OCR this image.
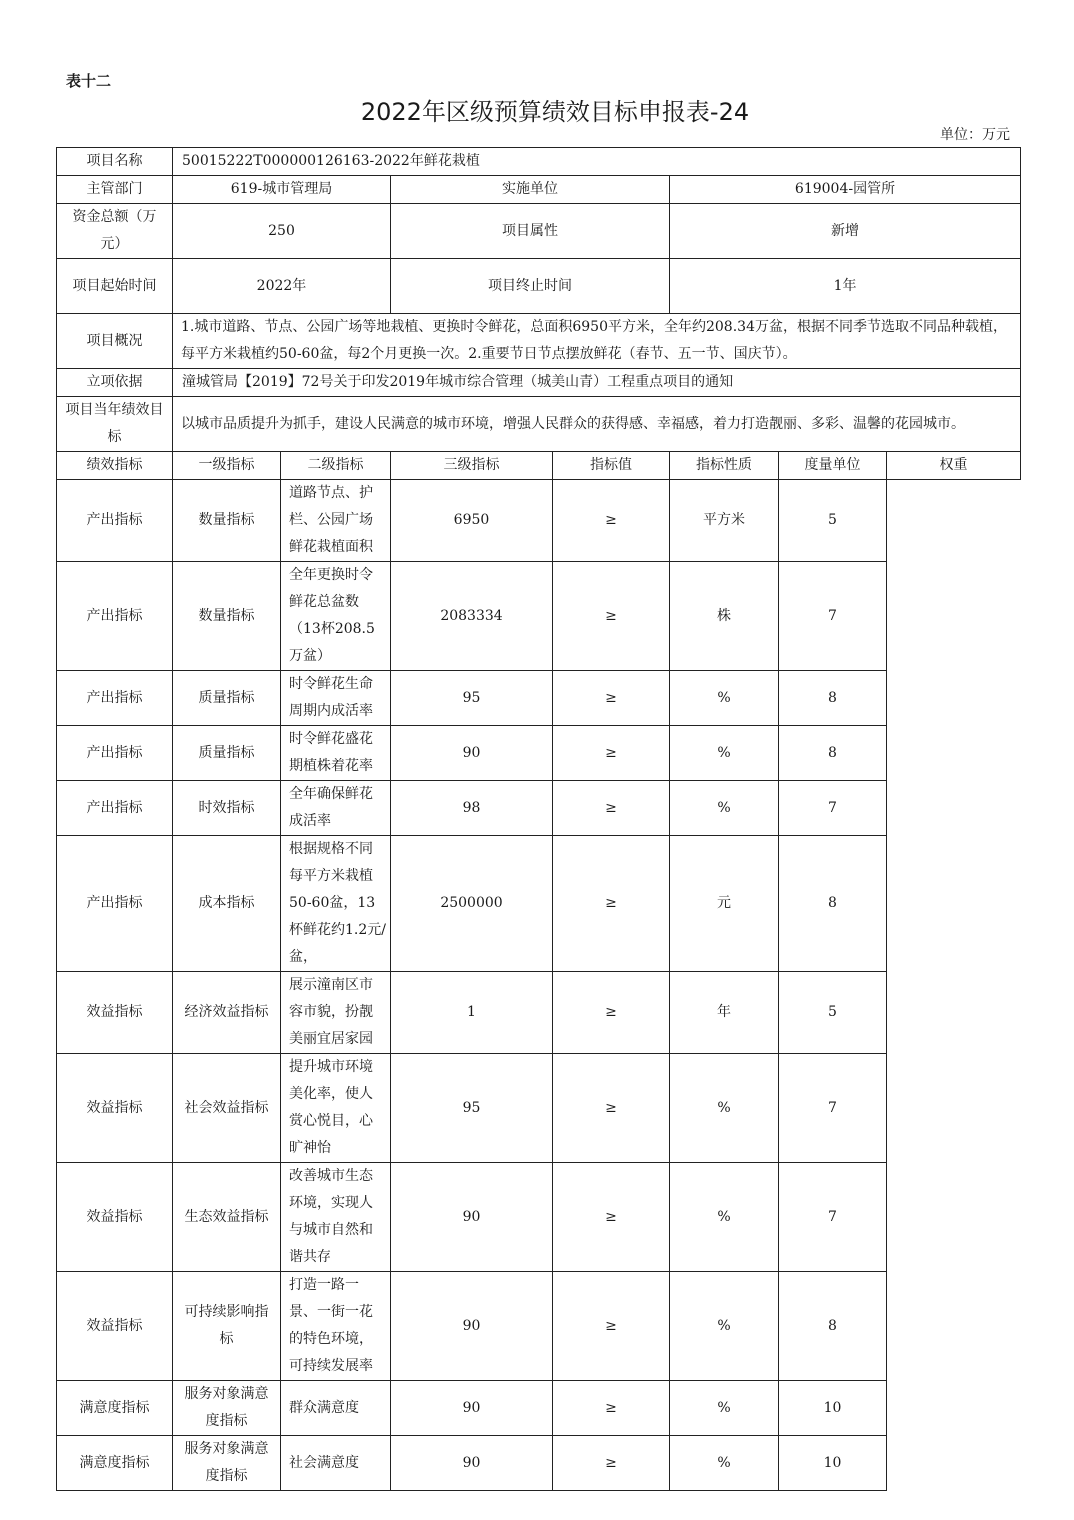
表十二
2022年区级预算绩效目标申报表-24
单位：万元
项目名称	50015222T000000126163-2022年鲜花栽植						
主管部门	619-城市管理局		实施单位		619004-园管所		
资金总额（万元）	250		项目属性		新增		
项目起始时间	2022年		项目终止时间		1年		
项目概况	1.城市道路、节点、公园广场等地栽植、更换时令鲜花，总面积6950平方米，全年约208.34万盆，根据不同季节选取不同品种载植，每平方米栽植约50-60盆，每2个月更换一次。2.重要节日节点摆放鲜花（春节、五一节、国庆节）。						
立项依据	潼城管局【2019】72号关于印发2019年城市综合管理（城美山青）工程重点项目的通知						
项目当年绩效目标	以城市品质提升为抓手，建设人民满意的城市环境，增强人民群众的获得感、幸福感，着力打造靓丽、多彩、温馨的花园城市。						
绩效指标	一级指标	二级指标	三级指标	指标值	指标性质	度量单位	权重
产出指标	数量指标	道路节点、护栏、公园广场鲜花栽植面积	6950	≥	平方米	5	
产出指标	数量指标	全年更换时令鲜花总盆数（13杯208.5万盆）	2083334	≥	株	7	
产出指标	质量指标	时令鲜花生命周期内成活率	95	≥	%	8	
产出指标	质量指标	时令鲜花盛花期植株着花率	90	≥	%	8	
产出指标	时效指标	全年确保鲜花成活率	98	≥	%	7	
产出指标	成本指标	根据规格不同每平方米栽植50-60盆，13杯鲜花约1.2元/盆，	2500000	≥	元	8	
效益指标	经济效益指标	展示潼南区市容市貌，扮靓美丽宜居家园	1	≥	年	5	
效益指标	社会效益指标	提升城市环境美化率，使人赏心悦目，心旷神怡	95	≥	%	7	
效益指标	生态效益指标	改善城市生态环境，实现人与城市自然和谐共存	90	≥	%	7	
效益指标	可持续影响指标	打造一路一景、一街一花的特色环境，可持续发展率	90	≥	%	8	
满意度指标	服务对象满意度指标	群众满意度	90	≥	%	10	
满意度指标	服务对象满意度指标	社会满意度	90	≥	%	10	
